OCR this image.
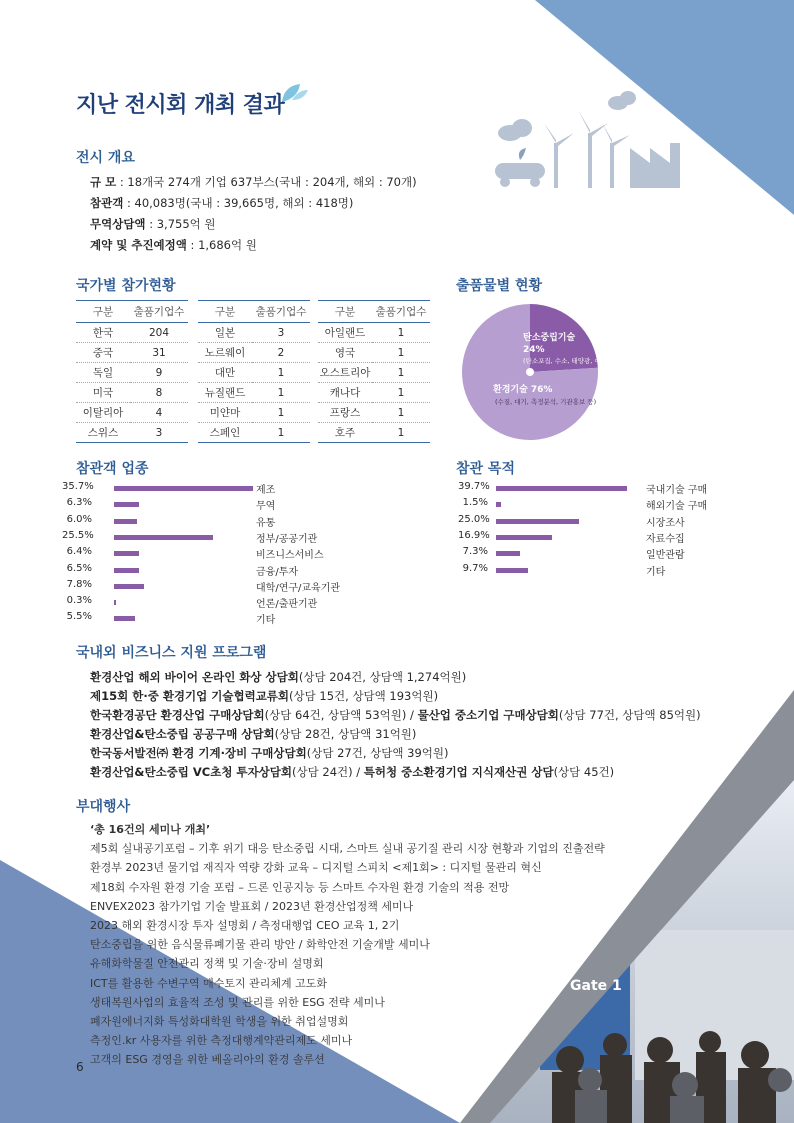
Gate 1
지난 전시회 개최 결과
전시 개요
규 모 : 18개국 274개 기업 637부스(국내 : 204개, 해외 : 70개)
참관객 : 40,083명(국내 : 39,665명, 해외 : 418명)
무역상담액 : 3,755억 원
계약 및 추진예정액 : 1,686억 원
국가별 참가현황
구분	출품기업수
한국	204
중국	31
독일	9
미국	8
이탈리아	4
스위스	3
구분	출품기업수
일본	3
노르웨이	2
대만	1
뉴질랜드	1
미얀마	1
스페인	1
구분	출품기업수
아일랜드	1
영국	1
오스트리아	1
캐나다	1
프랑스	1
호주	1
출품물별 현황
탄소중립기술
24%
(탄소포집, 수소, 태양광, 에너지절감 등)
환경기술 76%
(수질, 대기, 측정분석, 기관홍보 등)
참관객 업종
35.7%	제조
6.3%	무역
6.0%	유통
25.5%	정부/공공기관
6.4%	비즈니스서비스
6.5%	금융/투자
7.8%	대학/연구/교육기관
0.3%	언론/출판기관
5.5%	기타
참관 목적
39.7%	국내기술 구매
1.5%	해외기술 구매
25.0%	시장조사
16.9%	자료수집
7.3%	일반관람
9.7%	기타
국내외 비즈니스 지원 프로그램
환경산업 해외 바이어 온라인 화상 상담회(상담 204건, 상담액 1,274억원)
제15회 한·중 환경기업 기술협력교류회(상담 15건, 상담액 193억원)
한국환경공단 환경산업 구매상담회(상담 64건, 상담액 53억원) / 물산업 중소기업 구매상담회(상담 77건, 상담액 85억원)
환경산업&탄소중립 공공구매 상담회(상담 28건, 상담액 31억원)
한국동서발전㈜ 환경 기계·장비 구매상담회(상담 27건, 상담액 39억원)
환경산업&탄소중립 VC초청 투자상담회(상담 24건) / 특허청 중소환경기업 지식재산권 상담(상담 45건)
부대행사
‘총 16건의 세미나 개최’
제5회 실내공기포럼 – 기후 위기 대응 탄소중립 시대, 스마트 실내 공기질 관리 시장 현황과 기업의 진출전략
환경부 2023년 물기업 재직자 역량 강화 교육 – 디지털 스피치 <제1회> : 디지털 물관리 혁신
제18회 수자원 환경 기술 포럼 – 드론 인공지능 등 스마트 수자원 환경 기술의 적용 전망
ENVEX2023 참가기업 기술 발표회 / 2023년 환경산업정책 세미나
2023 해외 환경시장 투자 설명회 / 측정대행업 CEO 교육 1, 2기
탄소중립을 위한 음식물류폐기물 관리 방안 / 화학안전 기술개발 세미나
유해화학물질 안전관리 정책 및 기술·장비 설명회
ICT를 활용한 수변구역 매수토지 관리체계 고도화
생태복원사업의 효율적 조성 및 관리를 위한 ESG 전략 세미나
폐자원에너지화 특성화대학원 학생을 위한 취업설명회
측정인.kr 사용자를 위한 측정대행계약관리제도 세미나
고객의 ESG 경영을 위한 베올리아의 환경 솔루션
6
